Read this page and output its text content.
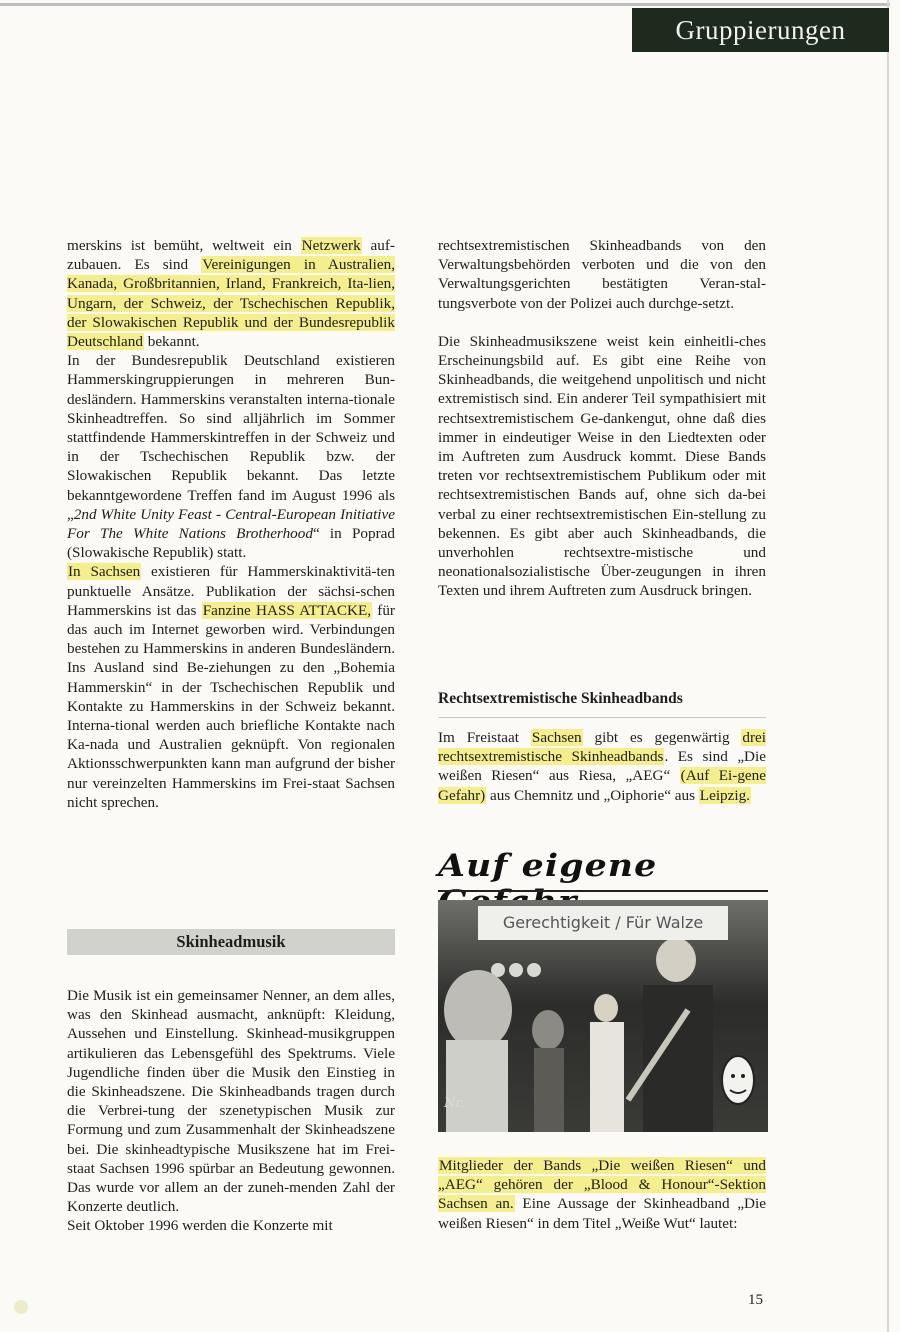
Gruppierungen

merskins ist bemüht, weltweit ein Netzwerk auf-zubauen. Es sind Vereinigungen in Australien, Kanada, Großbritannien, Irland, Frankreich, Ita-lien, Ungarn, der Schweiz, der Tschechischen Republik, der Slowakischen Republik und der Bundesrepublik Deutschland bekannt.

In der Bundesrepublik Deutschland existieren Hammerskingruppierungen in mehreren Bun-desländern. Hammerskins veranstalten interna-tionale Skinheadtreffen. So sind alljährlich im Sommer stattfindende Hammerskintreffen in der Schweiz und in der Tschechischen Republik bzw. der Slowakischen Republik bekannt. Das letzte bekanntgewordene Treffen fand im August 1996 als „2nd White Unity Feast - Central-European Initiative For The White Nations Brotherhood“ in Poprad (Slowakische Republik) statt.

In Sachsen existieren für Hammerskinaktivitä-ten punktuelle Ansätze. Publikation der sächsi-schen Hammerskins ist das Fanzine HASS ATTACKE, für das auch im Internet geworben wird. Verbindungen bestehen zu Hammerskins in anderen Bundesländern. Ins Ausland sind Be-ziehungen zu den „Bohemia Hammerskin“ in der Tschechischen Republik und Kontakte zu Hammerskins in der Schweiz bekannt. Interna-tional werden auch briefliche Kontakte nach Ka-nada und Australien geknüpft. Von regionalen Aktionsschwerpunkten kann man aufgrund der bisher nur vereinzelten Hammerskins im Frei-staat Sachsen nicht sprechen.

rechtsextremistischen Skinheadbands von den Verwaltungsbehörden verboten und die von den Verwaltungsgerichten bestätigten Veran-stal-tungsverbote von der Polizei auch durchge-setzt.

Die Skinheadmusikszene weist kein einheitli-ches Erscheinungsbild auf. Es gibt eine Reihe von Skinheadbands, die weitgehend unpolitisch und nicht extremistisch sind. Ein anderer Teil sympathisiert mit rechtsextremistischem Ge-dankengut, ohne daß dies immer in eindeutiger Weise in den Liedtexten oder im Auftreten zum Ausdruck kommt. Diese Bands treten vor rechtsextremistischem Publikum oder mit rechtsextremistischen Bands auf, ohne sich da-bei verbal zu einer rechtsextremistischen Ein-stellung zu bekennen. Es gibt aber auch Skinheadbands, die unverhohlen rechtsextre-mistische und neonationalsozialistische Über-zeugungen in ihren Texten und ihrem Auftreten zum Ausdruck bringen.

Rechtsextremistische Skinheadbands

Im Freistaat Sachsen gibt es gegenwärtig drei rechtsextremistische Skinheadbands. Es sind „Die weißen Riesen“ aus Riesa, „AEG“ (Auf Ei-gene Gefahr) aus Chemnitz und „Oiphorie“ aus Leipzig.

Auf eigene
Gerechtigkeit / Für Walze
Nr.

Mitglieder der Bands „Die weißen Riesen“ und „AEG“ gehören der „Blood & Honour“-Sektion Sachsen an. Eine Aussage der Skinheadband „Die weißen Riesen“ in dem Titel „Weiße Wut“ lautet:

Skinheadmusik

Die Musik ist ein gemeinsamer Nenner, an dem alles, was den Skinhead ausmacht, anknüpft: Kleidung, Aussehen und Einstellung. Skinhead-musikgruppen artikulieren das Lebensgefühl des Spektrums. Viele Jugendliche finden über die Musik den Einstieg in die Skinheadszene. Die Skinheadbands tragen durch die Verbrei-tung der szenetypischen Musik zur Formung und zum Zusammenhalt der Skinheadszene bei. Die skinheadtypische Musikszene hat im Frei-staat Sachsen 1996 spürbar an Bedeutung gewonnen. Das wurde vor allem an der zuneh-menden Zahl der Konzerte deutlich.

Seit Oktober 1996 werden die Konzerte mit

15
